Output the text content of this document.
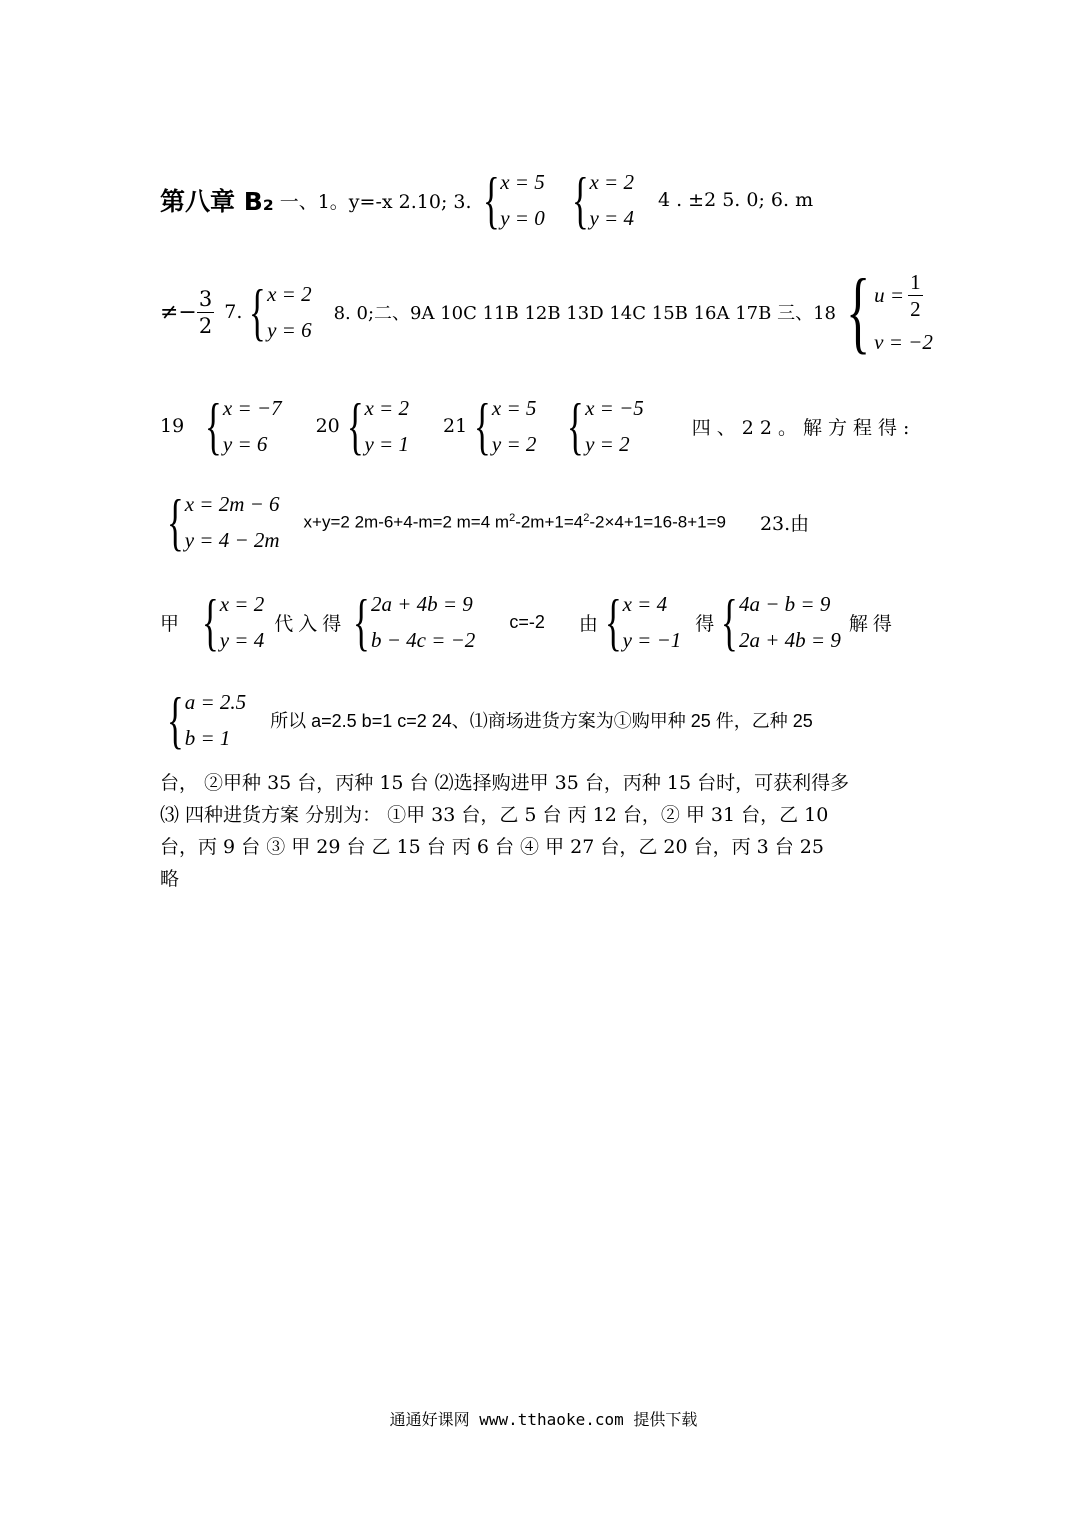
第八章 B₂ 一、1。y=-x 2.10; 3. { x = 5
y = 0 { x = 2
y = 4
4 . ±2 5. 0; 6. m
≠− $\frac{3}{2} 7$. { x = 2
y = 6
8. 0;二、9A 10C 11B 12B 13D 14C 15B 16A 17B 三、18 { $u = \frac{1}{2}$
v = −2
19 { x = −7
y = 6
20 { x = 2
y = 1
21 { x = 5
y = 2 { x = −5
y = 2
四、22。解方程得:
{ x = 2m − 6
y = 4 − 2m
x+y=2 2m-6+4-m=2 m=4 $m^2-2m+1=4^2-2\times 4+1=16-8+1=9$ 23.由
甲 { x = 2
y = 4
代入得 { 2a + 4b = 9
b − 4c = −2
c=-2 由 { x = 4
y = −1
得 { 4a − b = 9
2a + 4b = 9
解得
{ a = 2.5
b = 1
所以 a=2.5 b=1 c=2 24、⑴商场进货方案为①购甲种 25 件，乙种 25
台， ②甲种 35 台，丙种 15 台 ⑵选择购进甲 35 台，丙种 15 台时，可获利得多
⑶ 四种进货方案 分别为： ①甲 33 台，乙 5 台 丙 12 台，② 甲 31 台，乙 10
台，丙 9 台 ③ 甲 29 台 乙 15 台 丙 6 台 ④ 甲 27 台，乙 20 台，丙 3 台 25
略
通通好课网 www.tthaoke.com 提供下载
